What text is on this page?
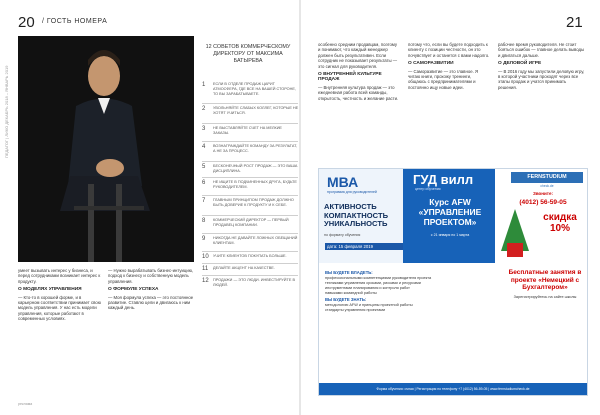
20 / ГОСТЬ НОМЕРА	21
ПЕДАГОГ | ЛИКО ДЕКАБРЬ 2018 – ЯНВАРЬ 2019
12 СОВЕТОВ КОММЕРЧЕСКОМУ ДИРЕКТОРУ ОТ МАКСИМА БАТЫРЕВА
1	ЕСЛИ В ОТДЕЛЕ ПРОДАЖ ЦАРИТ АТМОСФЕРА, ГДЕ ВСЕ НА ВАШЕЙ СТОРОНЕ, ТО ВЫ ЗАРАБАТЫВАЕТЕ.
2	УВОЛЬНЯЙТЕ СЛАБЫХ КОЛЛЕГ, КОТОРЫЕ НЕ ХОТЯТ УЧИТЬСЯ.
3	НЕ ВЫСТАВЛЯЙТЕ СЧЕТ НА МЕЛКИЕ ЗАКАЗЫ.
4	ВОЗНАГРАЖДАЙТЕ КОМАНДУ ЗА РЕЗУЛЬТАТ, А НЕ ЗА ПРОЦЕСС.
5	БЕСКОНЕЧНЫЙ РОСТ ПРОДАЖ — ЭТО ВАША ДИСЦИПЛИНА.
6	НЕ ИЩИТЕ В ПОДЧИНЕННЫХ ДРУГА, БУДЬТЕ РУКОВОДИТЕЛЕМ.
7	ГЛАВНЫМ ПРИНЦИПОМ ПРОДАЖ ДОЛЖНО БЫТЬ ДОВЕРИЕ К ПРОДУКТУ И К СЕБЕ.
8	КОММЕРЧЕСКИЙ ДИРЕКТОР — ПЕРВЫЙ ПРОДАВЕЦ КОМПАНИИ.
9	НИКОГДА НЕ ДАВАЙТЕ ЛОЖНЫХ ОБЕЩАНИЙ КЛИЕНТАМ.
10	УЧИТЕ КЛИЕНТОВ ПОКУПАТЬ БОЛЬШЕ.
11	ДЕЛАЙТЕ АКЦЕНТ НА КАЧЕСТВЕ.
12	ПРОДАЖИ — ЭТО ЛЮДИ. ИНВЕСТИРУЙТЕ В ЛЮДЕЙ.
умеет вызывать интерес у бизнеса, и перед сотрудниками возникает интерес к продукту.
О МОДЕЛЯХ УПРАВЛЕНИЯ
— Кто-то в хорошей форме, и в карьерном соответствии принимает свою модель управления. У нас есть модели управления, которые работают в современных условиях.
— Нужно вырабатывать бизнес-интуицию, подход к бизнесу и собственную модель управления.
О ФОРМУЛЕ УСПЕХА
— Моя формула успеха — это постоянное развитие. Ставлю цели и двигаюсь к ним каждый день.
особенно средним продавцам, поэтому и понимают, что каждый менеджер должен быть результативен. Если сотрудник не показывает результаты — это сигнал для руководителя.
О ВНУТРЕННЕЙ КУЛЬТУРЕ ПРОДАЖ
— Внутренняя культура продаж — это ежедневная работа всей команды, открытость, честность и желание расти.
потому что, если вы будете подходить к клиенту с позиции честности, он это почувствует и останется с вами надолго.
О САМОРАЗВИТИИ
— Саморазвитие — это главное. Я читаю книги, прохожу тренинги, общаюсь с предпринимателями и постоянно ищу новые идеи.
рабочее время руководителя. Не стоит бояться ошибок — главное делать выводы и двигаться дальше.
О ДЕЛОВОЙ ИГРЕ
— В 2016 году мы запустили деловую игру, в которой участники проходят через все этапы продаж и учатся принимать решения.
МВА
программа для руководителей
АКТИВНОСТЬ КОМПАКТНОСТЬ УНИКАЛЬНОСТЬ
по формату обучения
дата: 15 февраля 2019
ГУД вилл
центр обучения
Курс AFW «УПРАВЛЕНИЕ ПРОЕКТОМ»
с 21 января по 1 марта
FERNSTUDIUM
check.de
Звоните:
(4012) 56-59-05
скидка 10%
ВЫ БУДЕТЕ ВЛАДЕТЬ:
профессиональными компетенциями руководителя проекта
техниками управления сроками, рисками и ресурсами
инструментами планирования и контроля работ
навыками командной работы
ВЫ БУДЕТЕ ЗНАТЬ:
методологию AFW и принципы проектной работы
стандарты управления проектами
Бесплатные занятия в проекте «Немецкий с Бухгалтером»
Зарегистрируйтесь на сайте школы
Форма обучения: очная | Регистрация по телефону +7 (4012) 56-59-05 | www.fernstudiumcheck.de
реклама
